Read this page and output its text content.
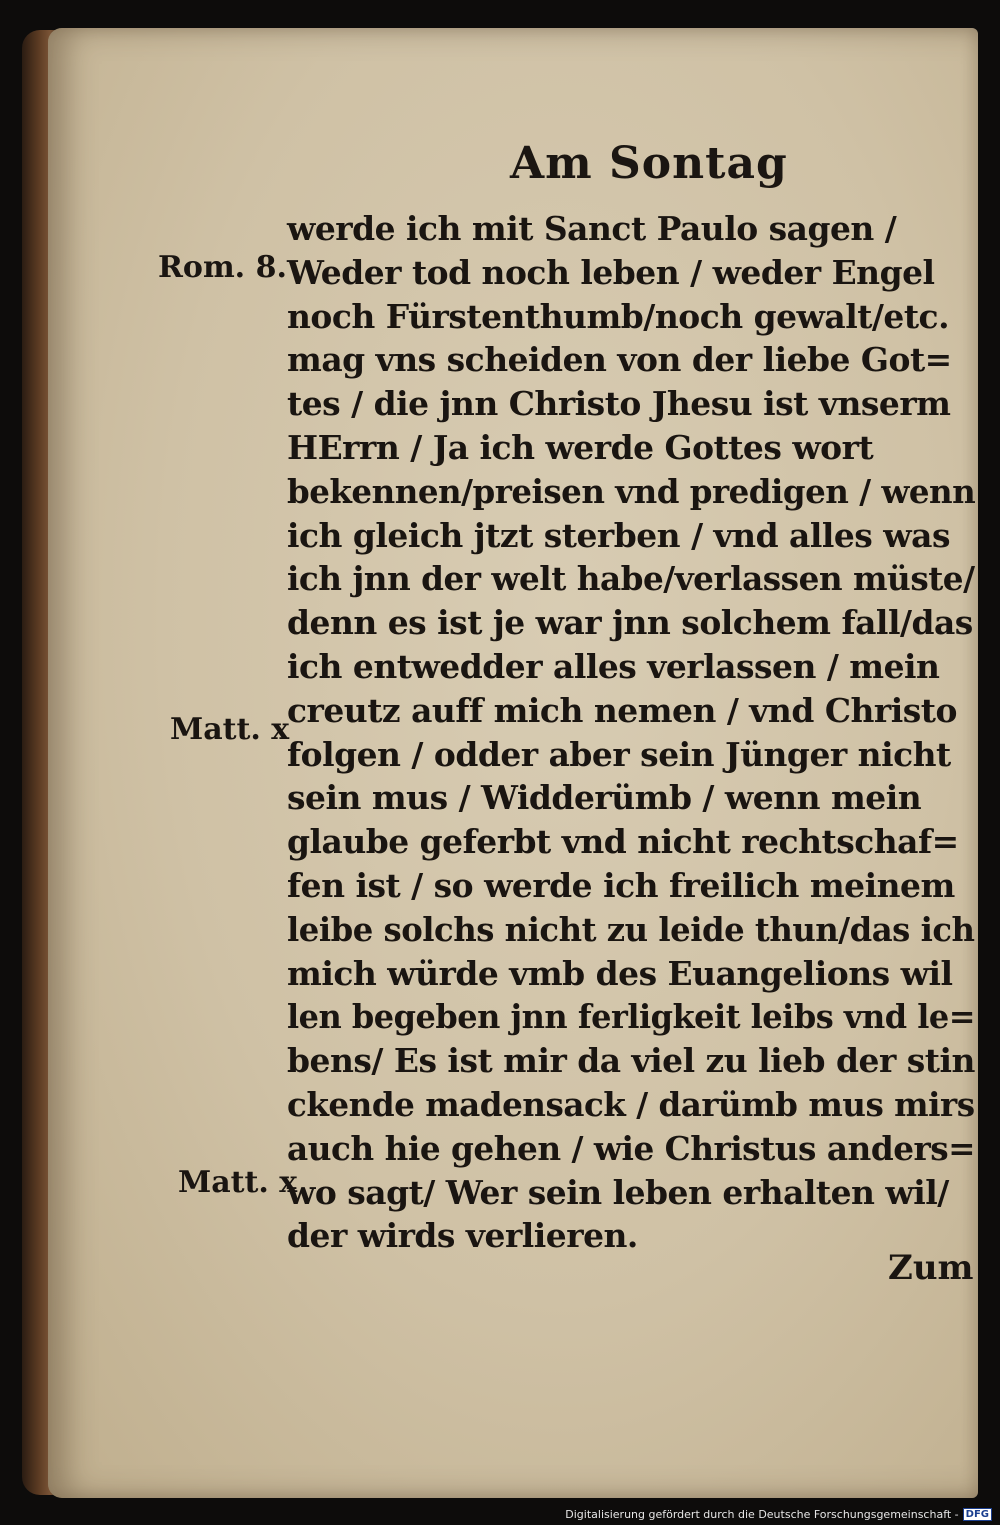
Am Sontag
Rom. 8.
Matt. x
Matt. x
werde ich mit Sanct Paulo sagen /
Weder tod noch leben / weder Engel
noch Fürstenthumb/noch gewalt/etc.
mag vns scheiden von der liebe Got=
tes / die jnn Christo Jhesu ist vnserm
HErrn / Ja ich werde Gottes wort
bekennen/preisen vnd predigen / wenn
ich gleich jtzt sterben / vnd alles was
ich jnn der welt habe/verlassen müste/
denn es ist je war jnn solchem fall/das
ich entwedder alles verlassen / mein
creutz auff mich nemen / vnd Christo
folgen / odder aber sein Jünger nicht
sein mus / Widderümb / wenn mein
glaube geferbt vnd nicht rechtschaf=
fen ist / so werde ich freilich meinem
leibe solchs nicht zu leide thun/das ich
mich würde vmb des Euangelions wil
len begeben jnn ferligkeit leibs vnd le=
bens/ Es ist mir da viel zu lieb der stin
ckende madensack / darümb mus mirs
auch hie gehen / wie Christus anders=
wo sagt/ Wer sein leben erhalten wil/
der wirds verlieren.
Zum
Digitalisierung gefördert durch die Deutsche Forschungsgemeinschaft - DFG
